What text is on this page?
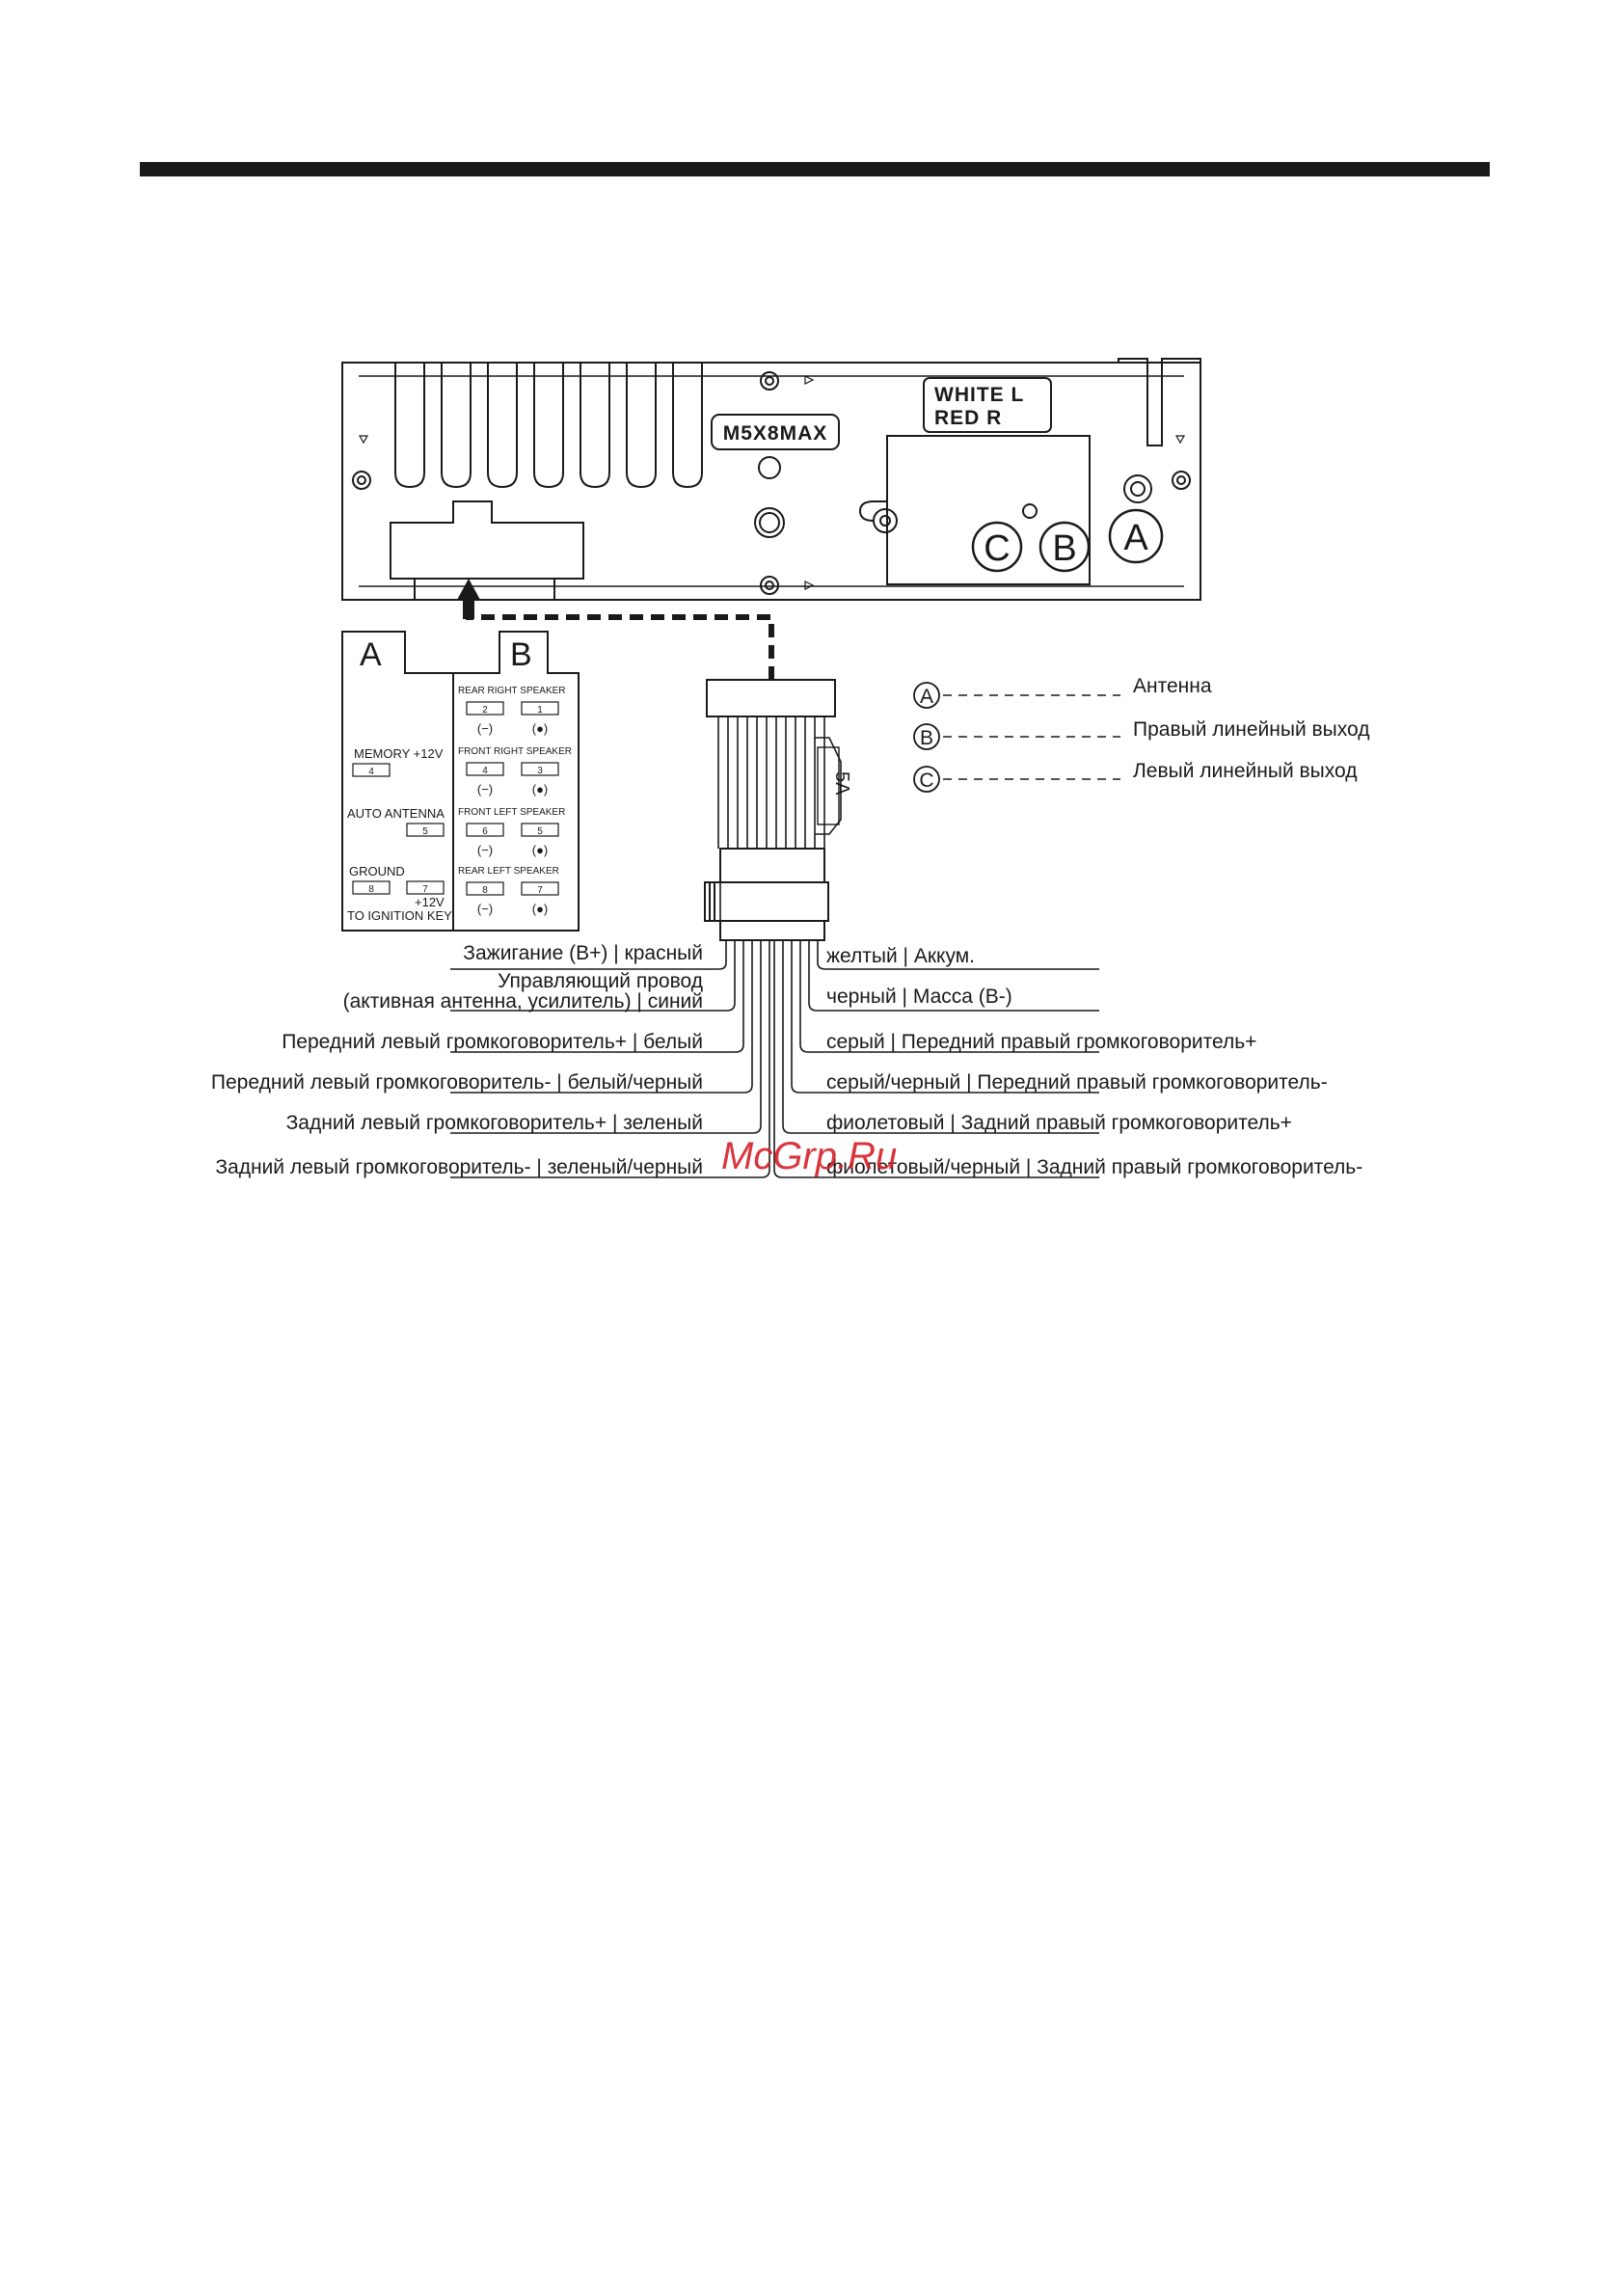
M5X8MAX
WHITE L
RED R
C B A
A	B
MEMORY +12V
4
AUTO ANTENNA
5
GROUND
8
+12V
7
TO IGNITION KEY
REAR RIGHT SPEAKER
2	1
(−)	(●)
FRONT RIGHT SPEAKER
4	3
(−)	(●)
FRONT LEFT SPEAKER
6	5
(−)	(●)
REAR LEFT SPEAKER
8	7
(−)	(●)
5A
Зажигание (B+) | красный
Управляющий провод
(активная антенна, усилитель) | синий
Передний левый громкоговоритель+ | белый
Передний левый громкоговоритель- | белый/черный
Задний левый громкоговоритель+ | зеленый
Задний левый громкоговоритель- | зеленый/черный
желтый | Аккум.
черный | Масса (B-)
серый | Передний правый громкоговоритель+
серый/черный | Передний правый громкоговоритель-
фиолетовый | Задний правый громкоговоритель+
фиолетовый/черный | Задний правый громкоговоритель-
A	Антенна
B	Правый линейный выход
C	Левый линейный выход
McGrp.Ru
